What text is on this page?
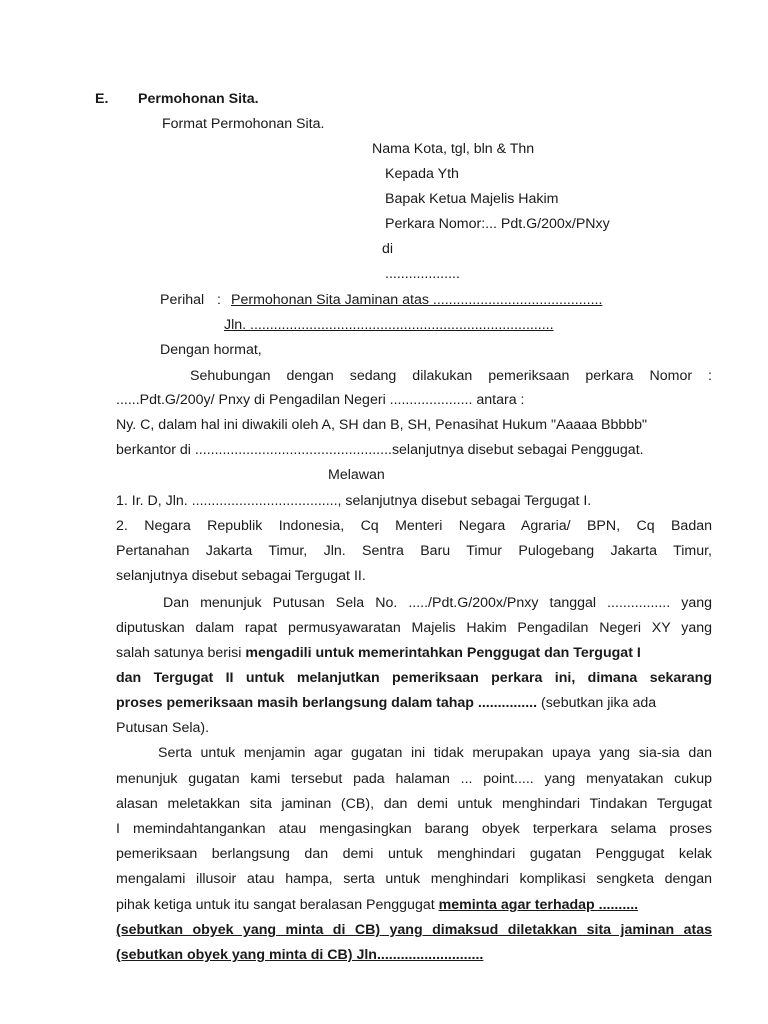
E. Permohonan Sita.
Format Permohonan Sita.
Nama Kota, tgl, bln & Thn
Kepada Yth
Bapak Ketua Majelis Hakim
Perkara Nomor:... Pdt.G/200x/PNxy
di
...................
Perihal : Permohonan Sita Jaminan atas ...........................................
Jln. .............................................................................
Dengan hormat,
Sehubungan dengan sedang dilakukan pemeriksaan perkara Nomor :
......Pdt.G/200y/ Pnxy di Pengadilan Negeri ..................... antara :
Ny. C, dalam hal ini diwakili oleh A, SH dan B, SH, Penasihat Hukum "Aaaaa Bbbbb"
berkantor di ..................................................selanjutnya disebut sebagai Penggugat.
Melawan
1. Ir. D, Jln. ....................................., selanjutnya disebut sebagai Tergugat I.
2. Negara Republik Indonesia, Cq Menteri Negara Agraria/ BPN, Cq Badan
Pertanahan Jakarta Timur, Jln. Sentra Baru Timur Pulogebang Jakarta Timur,
selanjutnya disebut sebagai Tergugat II.
Dan menunjuk Putusan Sela No. ...../Pdt.G/200x/Pnxy tanggal ................ yang
diputuskan dalam rapat permusyawaratan Majelis Hakim Pengadilan Negeri XY yang
salah satunya berisi mengadili untuk memerintahkan Penggugat dan Tergugat I
dan Tergugat II untuk melanjutkan pemeriksaan perkara ini, dimana sekarang
proses pemeriksaan masih berlangsung dalam tahap ............... (sebutkan jika ada
Putusan Sela).
Serta untuk menjamin agar gugatan ini tidak merupakan upaya yang sia-sia dan
menunjuk gugatan kami tersebut pada halaman ... point..... yang menyatakan cukup
alasan meletakkan sita jaminan (CB), dan demi untuk menghindari Tindakan Tergugat
I memindahtangankan atau mengasingkan barang obyek terperkara selama proses
pemeriksaan berlangsung dan demi untuk menghindari gugatan Penggugat kelak
mengalami illusoir atau hampa, serta untuk menghindari komplikasi sengketa dengan
pihak ketiga untuk itu sangat beralasan Penggugat meminta agar terhadap ..........
(sebutkan obyek yang minta di CB) yang dimaksud diletakkan sita jaminan atas
(sebutkan obyek yang minta di CB) Jln...........................
